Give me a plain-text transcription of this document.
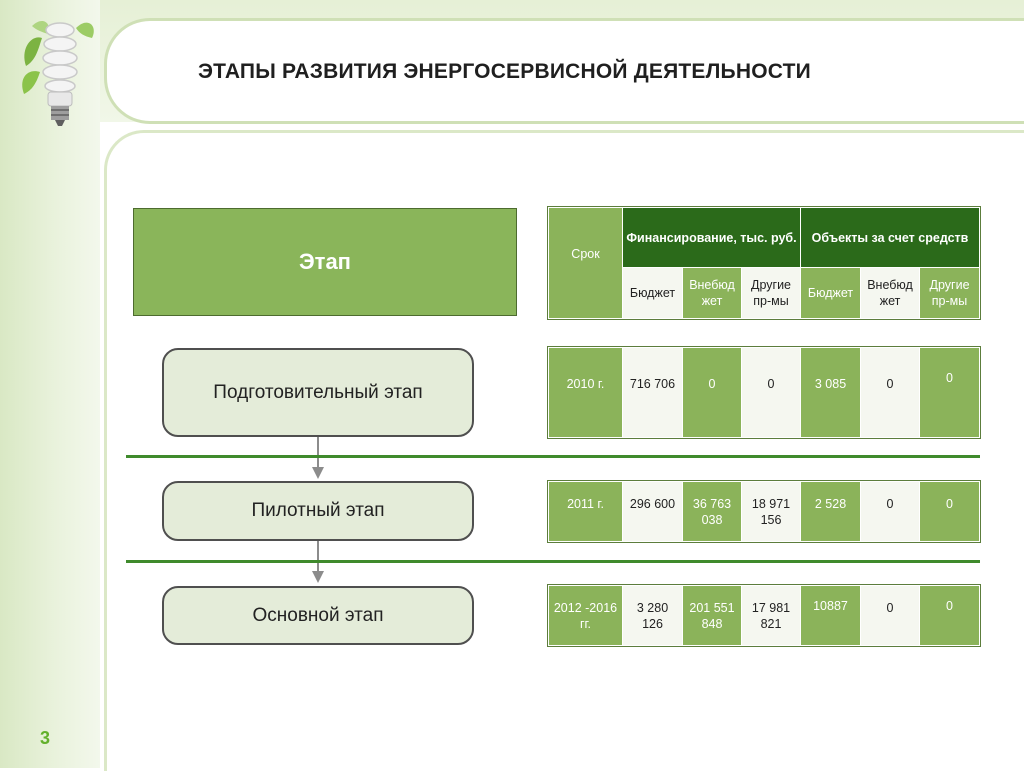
ЭТАПЫ РАЗВИТИЯ ЭНЕРГОСЕРВИСНОЙ ДЕЯТЕЛЬНОСТИ
3
Этап
Подготовительный этап
Пилотный этап
Основной этап
Срок	Финансирование, тыс. руб.			Объекты за счет средств		
	Бюджет	Внебюд жет	Другие пр-мы	Бюджет	Внебюд жет	Другие пр-мы
2010 г.	716 706	0	0	3 085	0	0
2011 г.	296 600	36 763 038	18 971 156	2 528	0	0
2012 -2016 гг.	3 280 126	201 551 848	17 981 821	10887	0	0
